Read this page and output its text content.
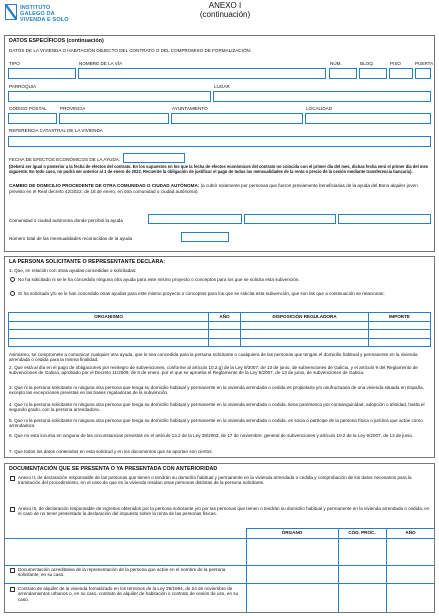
INSTITUTO
GALEGO DA
VIVENDA E SOLO
ANEXO I
(continuación)
DATOS ESPECÍFICOS (continuación)
DATOS DE LA VIVIENDA O HABITACIÓN OBJECTO DEL CONTRATO O DEL COMPROMISO DE FORMALIZACIÓN:
TIPO	NOMBRE DE LA VÍA	NÚM.	BLOQ.	PISO	PUERTA
PARROQUIA	LUGAR
CÓDIGO POSTAL	PROVINCIA	AYUNTAMIENTO	LOCALIDAD
REFERENCIA CATASTRAL DE LA VIVIENDA
FECHA DE EFECTOS ECONÓMICOS DE LA AYUDA:
(Deberá ser igual o posterior a la fecha de efectos del contrato. En los supuestos en los que la fecha de efectos económicos del contrato no coincida con el primer día del mes, dichas fecha será el primer día del mes siguiente. En todo caso, no podrá ser anterior al 1 de enero de 2022. Recuerde la obligación de justificar el pago de todas las mensualidades de la renta o precio de la cesión mediante transferencia bancaria).
CAMBIO DE DOMICILIO PROCEDENTE DE OTRA COMUNIDAD O CIUDAD AUTÓNOMA: (a cubrir solamente por personas que fueron previamente beneficiarias de la ayuda del Bono alquiler joven previsto en el Real decreto 42/2022, de 18 de enero, en otra comunidad o ciudad autónoma).
Comunidad o ciudad autónoma donde percibió la ayuda
Número total de las mensualidades reconocidas de la ayuda
LA PERSONA SOLICITANTE O REPRESENTANTE DECLARA:
1. Que, en relación con otras ayudas concedidas o solicitadas:
No ha solicitado ni se le ha concedido ninguna otra ayuda para este mismo proyecto o conceptos para los que se solicita esta subvención.
Sí ha solicitado y/o se le han concedido otras ayudas para este mismo proyecto o conceptos para los que se solicita esta subvención, que son las que a continuación se relacionan:
ORGANISMO	AÑO	DISPOSICIÓN REGULADORA	IMPORTE

Asimismo, se compromete a comunicar cualquier otra ayuda, que le sea concedida para la persona solicitante o cualquiera de las personas que tengan el domicilio habitual y permanente en la vivienda arrendada o cedida para la misma finalidad.
2. Que está al día en el pago de obligaciones por reintegro de subvenciones, conforme al artículo 10.2.g) de la Ley 9/2007, de 13 de junio, de subvenciones de Galicia, y el artículo 9 del Reglamento de subvenciones de Galicia, aprobado por el Decreto 11/2009, de 8 de enero, por el que se aprueba el Reglamento de la Ley 9/2007, de 13 de junio, de subvenciones de Galicia.
3. Que ni la persona solicitante ni ninguna otra persona que tenga su domicilio habitual y permanente en la vivienda arrendada o cedida es propietaria y/o usufructuaria de una vivienda situada en España, excepto las excepciones previstas en las bases reguladoras de la subvención.
4. Que ni la persona solicitante ni ninguna otra persona que tenga su domicilio habitual y permanente en la vivienda arrendada o cedida, tiene parentesco por consanguinidad, adopción o afinidad, hasta el segundo grado, con la persona arrendadora.
5. Que ni la persona solicitante ni ninguna otra persona que tenga su domicilio habitual y permanente en la vivienda arrendada o cedida, es socia o partícipe de la persona física o jurídica que actúe como arrendadora.
6. Que no está incursa en ninguna de las circunstancias previstas en el artículo 13.2 de la Ley 38/2003, de 17 de noviembre, general de subvenciones y artículo 10.2 de la Ley 9/2007, de 13 de junio.
7. Que todos los datos contenidos en esta solicitud y en los documentos que se aportan son ciertos.
DOCUMENTACIÓN QUE SE PRESENTA O YA PRESENTADA CON ANTERIORIDAD
Anexo II, de declaración responsable de las personas que tienen o tendrán su domicilio habitual y permanente en la vivienda arrendada o cedida y comprobación de los datos necesarios para la tramitación del procedimiento, en el caso de que en la vivienda residan otras personas distintas de la persona solicitante.
Anexo III, de declaración responsable de ingresos obtenidos por la persona solicitante y/o por las personas que tienen o tendrán su domicilio habitual y permanente en la vivienda arrendada o cedida, en el caso de no tener presentado la declaración del impuesto sobre la renta de las personas físicas.
ÓRGANO	CÓD. PROC.	AÑO
Documentación acreditativa de la representación de la persona que actúe en el nombre de la persona solicitante, en su caso.
Contrato de alquiler de la vivienda formalizado en los términos de la Ley 29/1994, de 24 de noviembre de arrendamientos urbanos o, en su caso, contrato de alquiler de habitación o contrato de cesión de uso, en su caso.
